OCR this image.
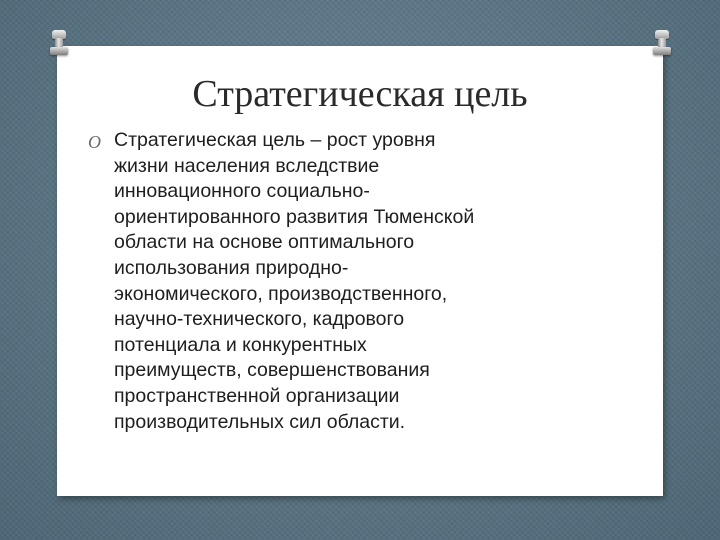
Стратегическая цель
O Стратегическая цель – рост уровня
жизни населения вследствие
инновационного социально-
ориентированного развития Тюменской
области на основе оптимального
использования природно-
экономического, производственного,
научно-технического, кадрового
потенциала и конкурентных
преимуществ, совершенствования
пространственной организации
производительных сил области.
